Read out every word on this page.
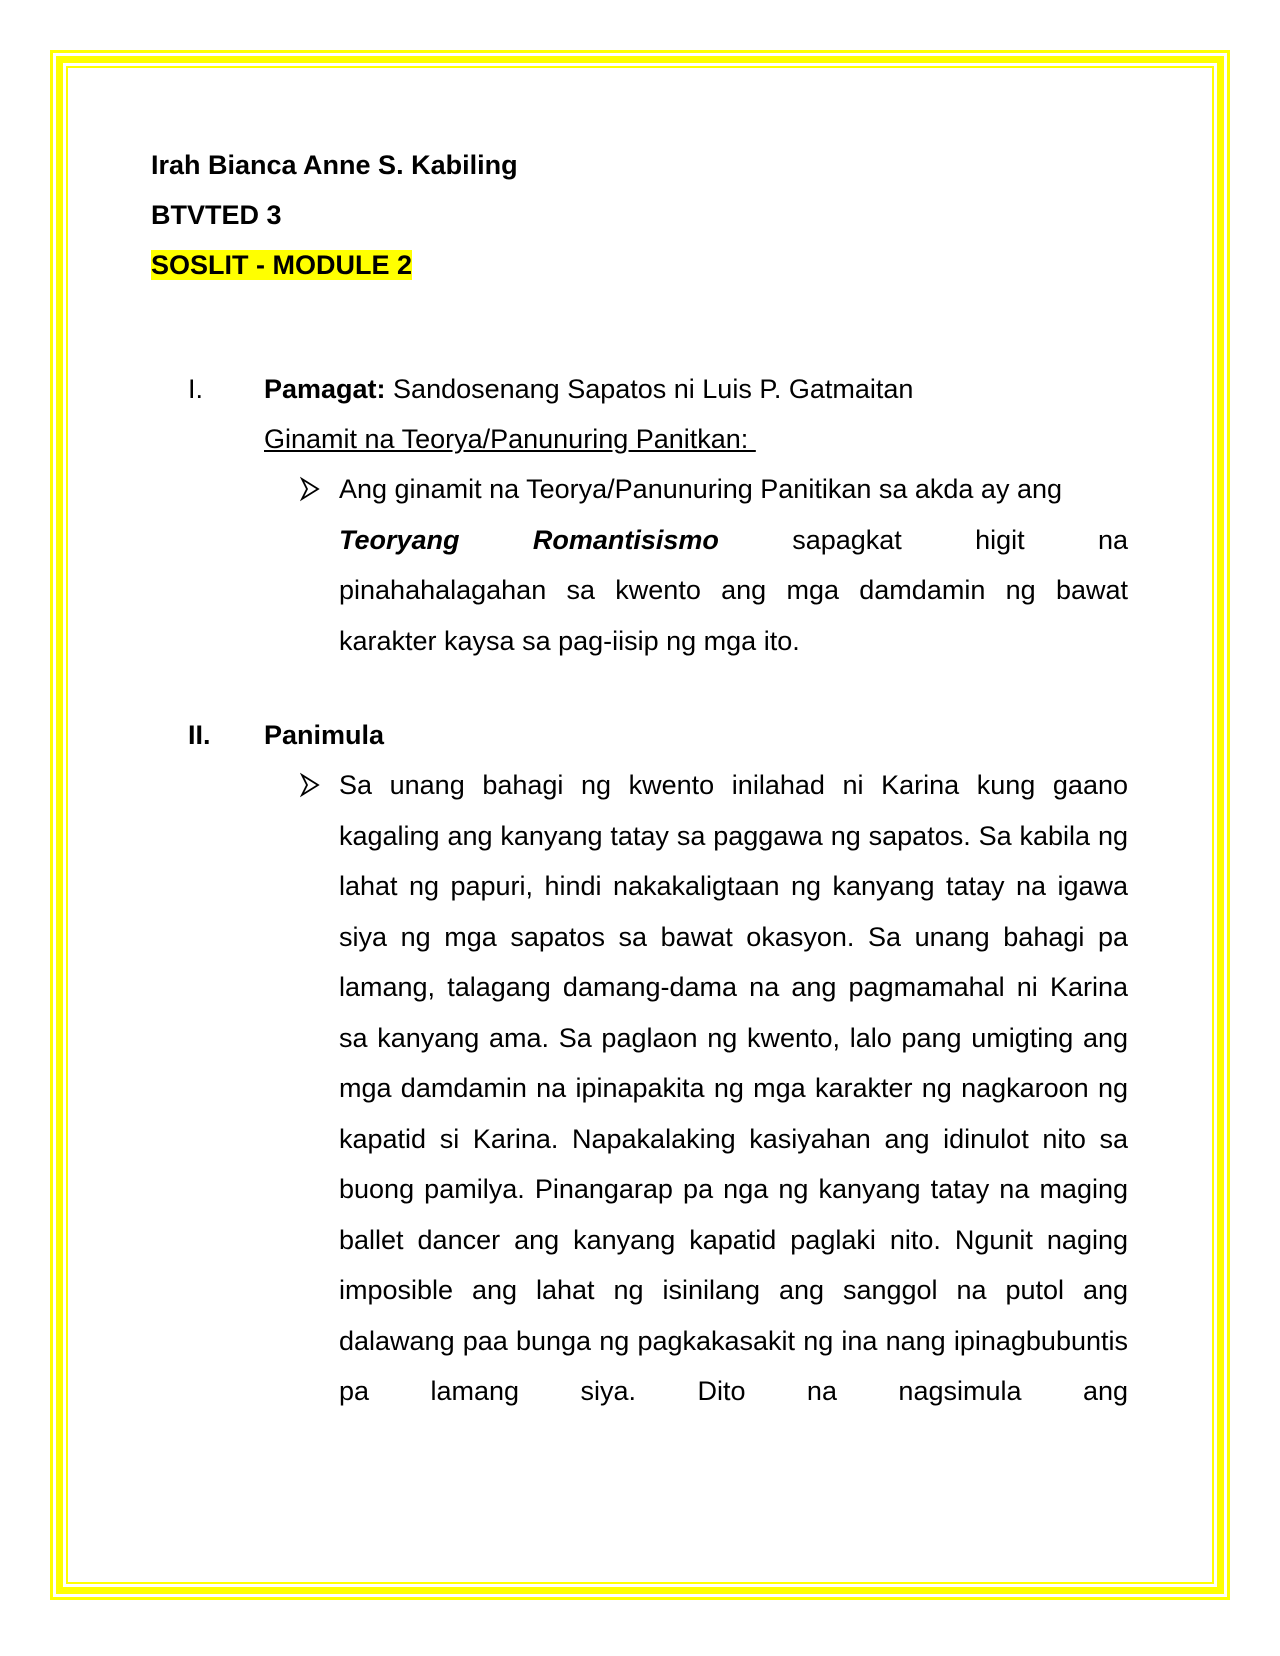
Irah Bianca Anne S. Kabiling
BTVTED 3
SOSLIT - MODULE 2
I. Pamagat: Sandosenang Sapatos ni Luis P. Gatmaitan
Ginamit na Teorya/Panunuring Panitkan:
Ang ginamit na Teorya/Panunuring Panitikan sa akda ay ang
Teoryang	Romantisismo	sapagkat	higit	na
pinahahalagahan sa kwento ang mga damdamin ng bawat karakter kaysa sa pag-iisip ng mga ito.
II. Panimula
Sa unang bahagi ng kwento inilahad ni Karina kung gaano kagaling ang kanyang tatay sa paggawa ng sapatos. Sa kabila ng lahat ng papuri, hindi nakakaligtaan ng kanyang tatay na igawa siya ng mga sapatos sa bawat okasyon. Sa unang bahagi pa lamang, talagang damang-dama na ang pagmamahal ni Karina sa kanyang ama. Sa paglaon ng kwento, lalo pang umigting ang mga damdamin na ipinapakita ng mga karakter ng nagkaroon ng kapatid si Karina. Napakalaking kasiyahan ang idinulot nito sa buong pamilya. Pinangarap pa nga ng kanyang tatay na maging ballet dancer ang kanyang kapatid paglaki nito. Ngunit naging imposible ang lahat ng isinilang ang sanggol na putol ang dalawang paa bunga ng pagkakasakit ng ina nang ipinagbubuntis pa lamang siya. Dito na nagsimula ang
